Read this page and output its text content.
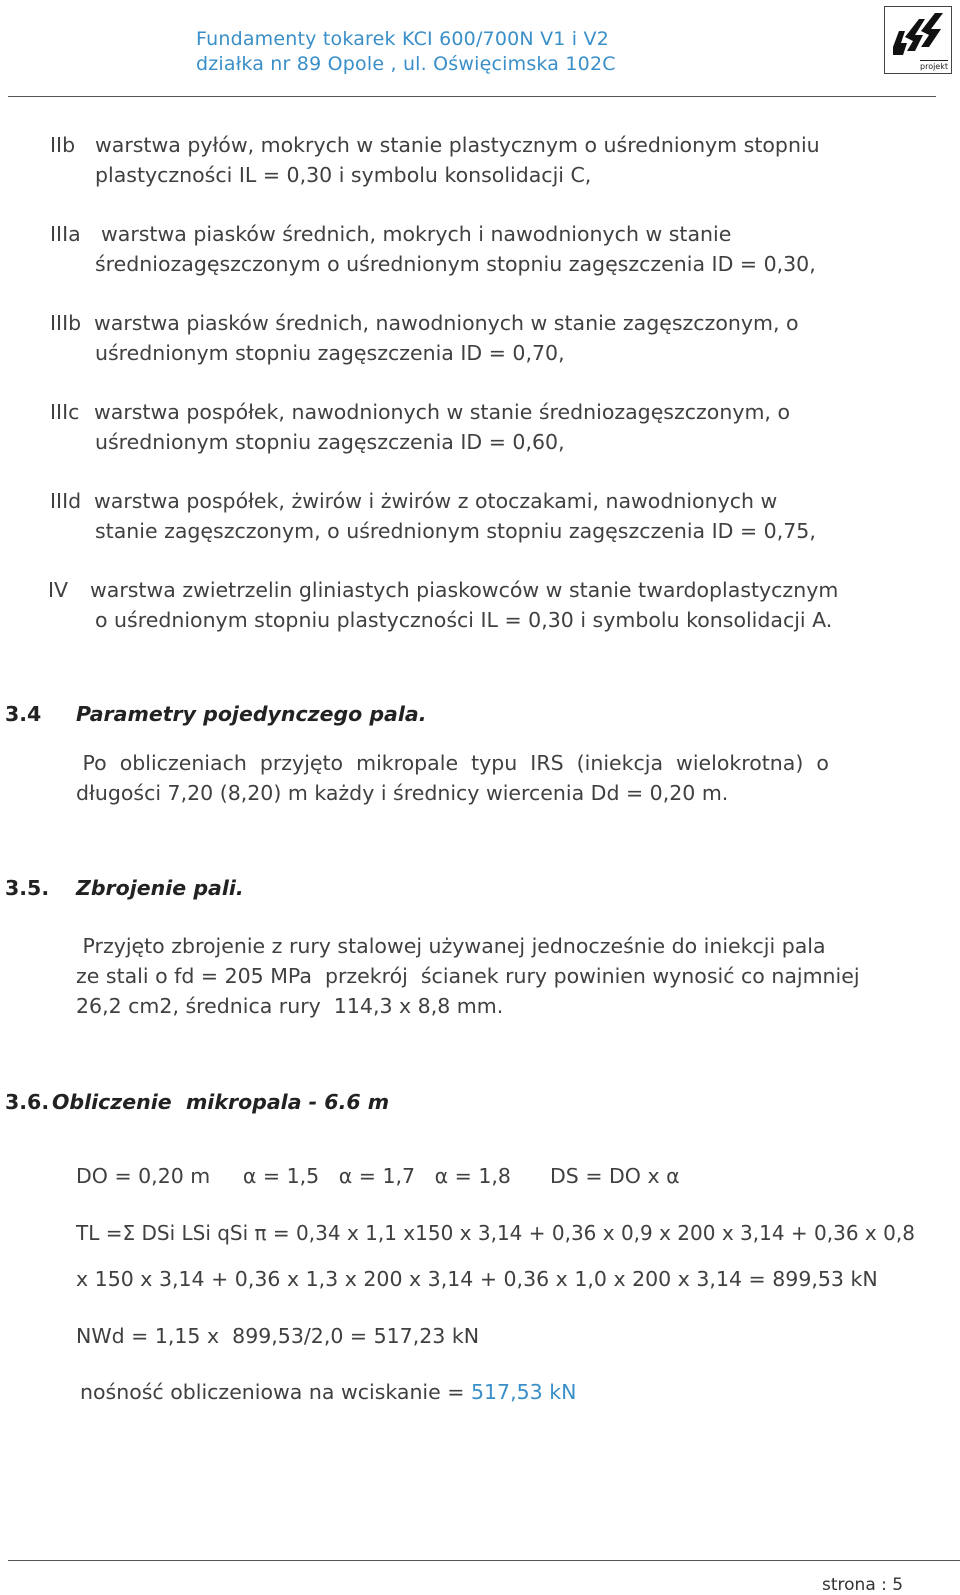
Fundamenty tokarek KCI 600/700N V1 i V2
działka nr 89 Opole , ul. Oświęcimska 102C	projekt
IIb warstwa pyłów, mokrych w stanie plastycznym o uśrednionym stopniu
plastyczności IL = 0,30 i symbolu konsolidacji C,
IIIa warstwa piasków średnich, mokrych i nawodnionych w stanie
średniozagęszczonym o uśrednionym stopniu zagęszczenia ID = 0,30,
IIIb warstwa piasków średnich, nawodnionych w stanie zagęszczonym, o
uśrednionym stopniu zagęszczenia ID = 0,70,
IIIc warstwa pospółek, nawodnionych w stanie średniozagęszczonym, o
uśrednionym stopniu zagęszczenia ID = 0,60,
IIId warstwa pospółek, żwirów i żwirów z otoczakami, nawodnionych w
stanie zagęszczonym, o uśrednionym stopniu zagęszczenia ID = 0,75,
IV warstwa zwietrzelin gliniastych piaskowców w stanie twardoplastycznym
o uśrednionym stopniu plastyczności IL = 0,30 i symbolu konsolidacji A.
3.4 Parametry pojedynczego pala.
Po  obliczeniach  przyjęto  mikropale  typu  IRS  (iniekcja  wielokrotna)  o
długości 7,20 (8,20) m każdy i średnicy wiercenia Dd = 0,20 m.
3.5. Zbrojenie pali.
Przyjęto zbrojenie z rury stalowej używanej jednocześnie do iniekcji pala
ze stali o fd = 205 MPa  przekrój  ścianek rury powinien wynosić co najmniej
26,2 cm2, średnica rury  114,3 x 8,8 mm.
3.6. Obliczenie  mikropala - 6.6 m
DO = 0,20 m     α = 1,5   α = 1,7   α = 1,8      DS = DO x α
TL =Σ DSi LSi qSi π = 0,34 x 1,1 x150 x 3,14 + 0,36 x 0,9 x 200 x 3,14 + 0,36 x 0,8
x 150 x 3,14 + 0,36 x 1,3 x 200 x 3,14 + 0,36 x 1,0 x 200 x 3,14 = 899,53 kN
NWd = 1,15 x  899,53/2,0 = 517,23 kN
nośność obliczeniowa na wciskanie = 517,53 kN
strona : 5
